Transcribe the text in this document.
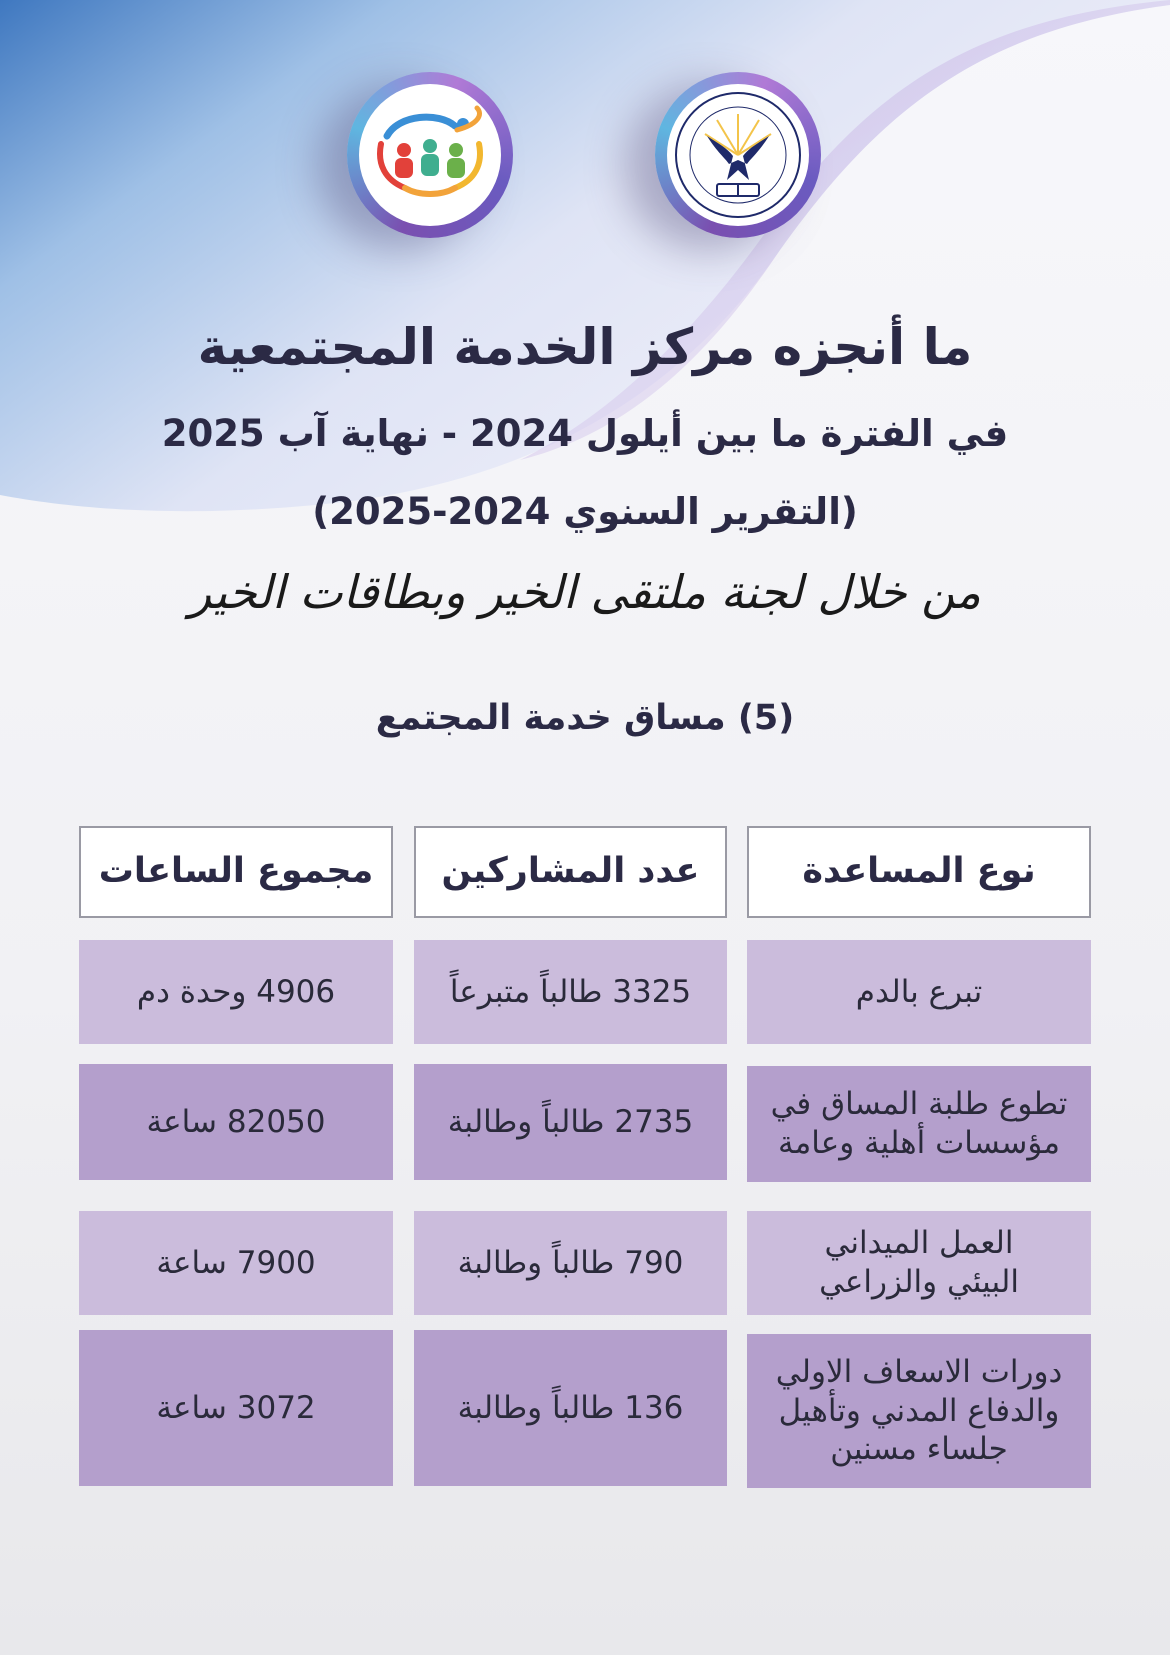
ما أنجزه مركز الخدمة المجتمعية

في الفترة ما بين أيلول 2024 - نهاية آب 2025

(التقرير السنوي 2024-2025)

من خلال لجنة ملتقى الخير وبطاقات الخير
(5) مساق خدمة المجتمع
نوع المساعدة
عدد المشاركين
مجموع الساعات
تبرع بالدم
3325 طالباً متبرعاً
4906 وحدة دم
تطوع طلبة المساق في مؤسسات أهلية وعامة
2735 طالباً وطالبة
82050 ساعة
العمل الميداني البيئي والزراعي
790 طالباً وطالبة
7900 ساعة
دورات الاسعاف الاولي والدفاع المدني وتأهيل جلساء مسنين
136 طالباً وطالبة
3072 ساعة
